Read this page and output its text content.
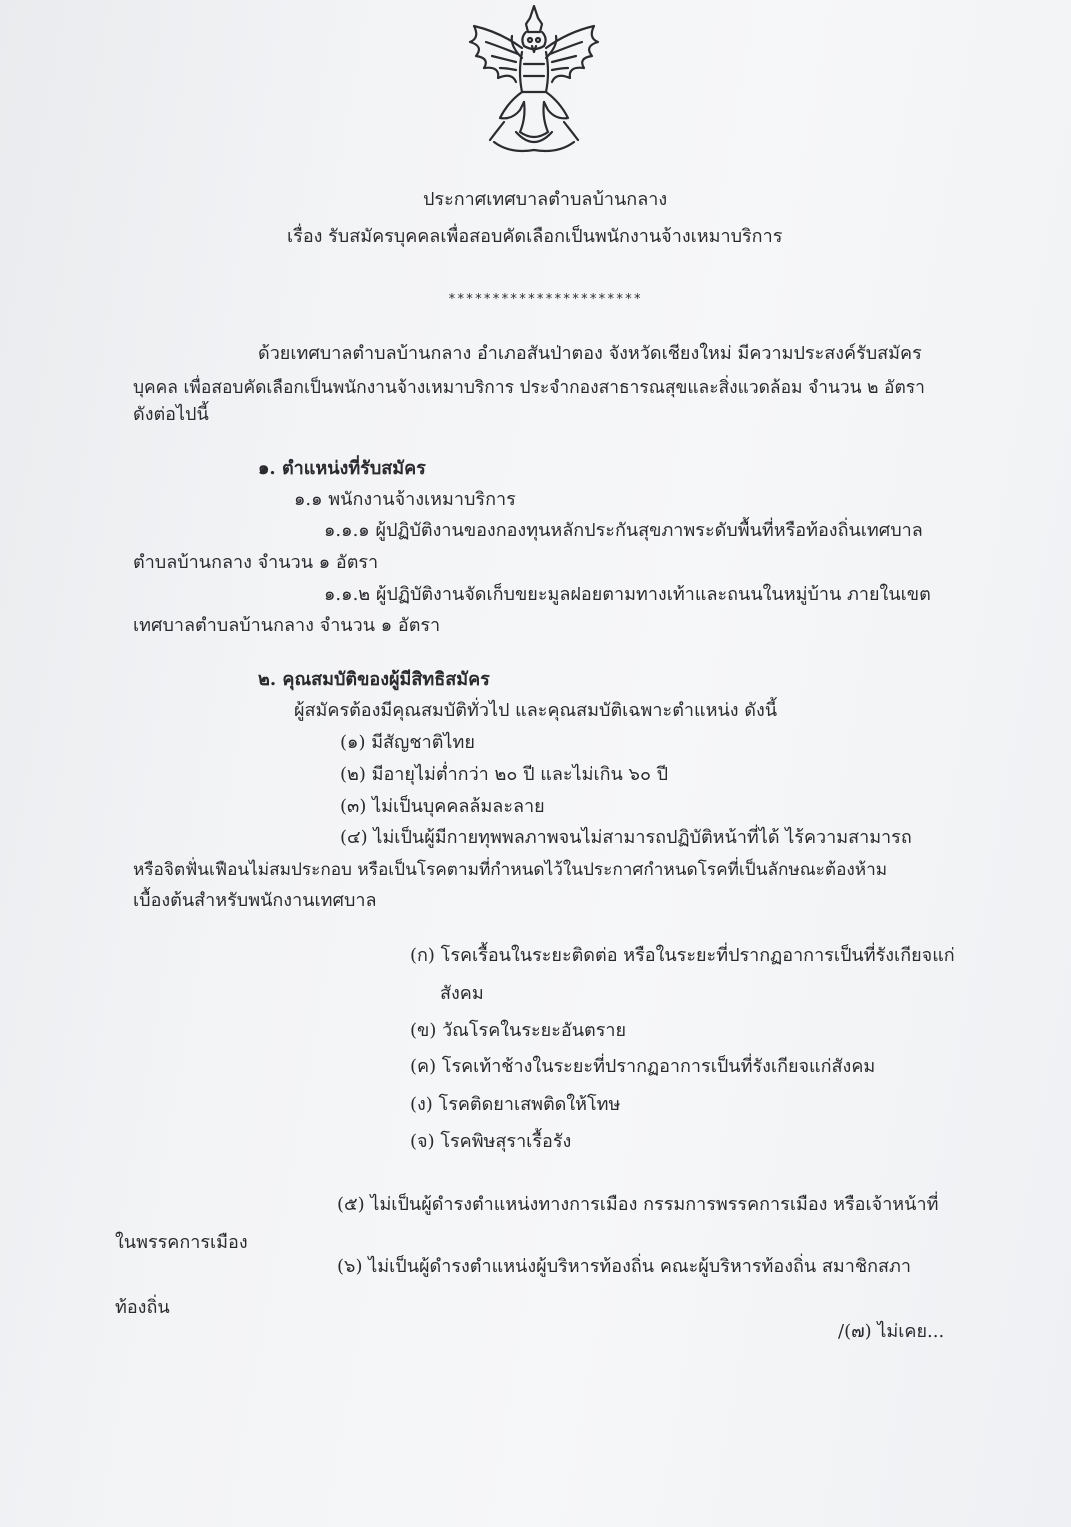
ประกาศเทศบาลตำบลบ้านกลาง
เรื่อง รับสมัครบุคคลเพื่อสอบคัดเลือกเป็นพนักงานจ้างเหมาบริการ
**********************
ด้วยเทศบาลตำบลบ้านกลาง อำเภอสันป่าตอง จังหวัดเชียงใหม่ มีความประสงค์รับสมัคร
บุคคล เพื่อสอบคัดเลือกเป็นพนักงานจ้างเหมาบริการ ประจำกองสาธารณสุขและสิ่งแวดล้อม จำนวน ๒ อัตรา
ดังต่อไปนี้
๑. ตำแหน่งที่รับสมัคร
๑.๑ พนักงานจ้างเหมาบริการ
๑.๑.๑ ผู้ปฏิบัติงานของกองทุนหลักประกันสุขภาพระดับพื้นที่หรือท้องถิ่นเทศบาล
ตำบลบ้านกลาง จำนวน ๑ อัตรา
๑.๑.๒ ผู้ปฏิบัติงานจัดเก็บขยะมูลฝอยตามทางเท้าและถนนในหมู่บ้าน ภายในเขต
เทศบาลตำบลบ้านกลาง จำนวน ๑ อัตรา
๒. คุณสมบัติของผู้มีสิทธิสมัคร
ผู้สมัครต้องมีคุณสมบัติทั่วไป และคุณสมบัติเฉพาะตำแหน่ง ดังนี้
(๑) มีสัญชาติไทย
(๒) มีอายุไม่ต่ำกว่า ๒๐ ปี และไม่เกิน ๖๐ ปี
(๓) ไม่เป็นบุคคลล้มละลาย
(๔) ไม่เป็นผู้มีกายทุพพลภาพจนไม่สามารถปฏิบัติหน้าที่ได้ ไร้ความสามารถ
หรือจิตฟั่นเฟือนไม่สมประกอบ หรือเป็นโรคตามที่กำหนดไว้ในประกาศกำหนดโรคที่เป็นลักษณะต้องห้าม
เบื้องต้นสำหรับพนักงานเทศบาล
(ก) โรคเรื้อนในระยะติดต่อ หรือในระยะที่ปรากฏอาการเป็นที่รังเกียจแก่
สังคม
(ข) วัณโรคในระยะอันตราย
(ค) โรคเท้าช้างในระยะที่ปรากฏอาการเป็นที่รังเกียจแก่สังคม
(ง) โรคติดยาเสพติดให้โทษ
(จ) โรคพิษสุราเรื้อรัง
(๕) ไม่เป็นผู้ดำรงตำแหน่งทางการเมือง กรรมการพรรคการเมือง หรือเจ้าหน้าที่
ในพรรคการเมือง
(๖) ไม่เป็นผู้ดำรงตำแหน่งผู้บริหารท้องถิ่น คณะผู้บริหารท้องถิ่น สมาชิกสภา
ท้องถิ่น
/(๗) ไม่เคย...
